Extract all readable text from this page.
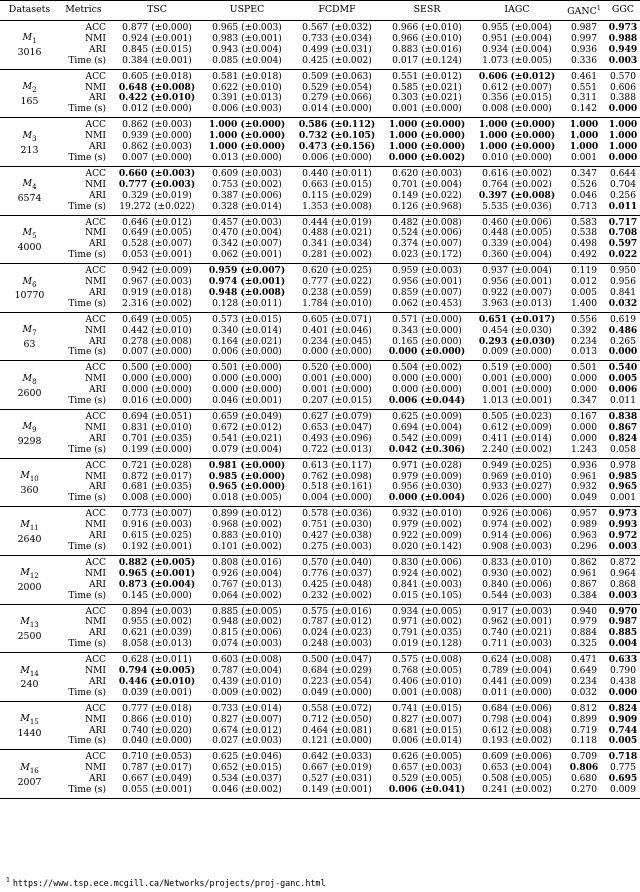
Datasets	Metrics	TSC	USPEC	FCDMF	SESR	IAGC	GANC$^1$	GGC
$M_1$
3016	ACC	0.877 (±0.000)	0.965 (±0.003)	0.567 (±0.032)	0.966 (±0.010)	0.955 (±0.004)	0.987	0.973
	NMI	0.924 (±0.001)	0.983 (±0.001)	0.733 (±0.034)	0.966 (±0.010)	0.951 (±0.004)	0.997	0.988
	ARI	0.845 (±0.015)	0.943 (±0.004)	0.499 (±0.031)	0.883 (±0.016)	0.934 (±0.004)	0.936	0.949
	Time (s)	0.384 (±0.001)	0.085 (±0.004)	0.425 (±0.002)	0.017 (±0.124)	1.073 (±0.005)	0.336	0.003
$M_2$
165	ACC	0.605 (±0.018)	0.581 (±0.018)	0.509 (±0.063)	0.551 (±0.012)	0.606 (±0.012)	0.461	0.570
	NMI	0.648 (±0.008)	0.622 (±0.010)	0.529 (±0.054)	0.585 (±0.021)	0.612 (±0.007)	0.551	0.606
	ARI	0.422 (±0.010)	0.391 (±0.013)	0.279 (±0.066)	0.303 (±0.021)	0.356 (±0.015)	0.311	0.388
	Time (s)	0.012 (±0.000)	0.006 (±0.003)	0.014 (±0.000)	0.001 (±0.000)	0.008 (±0.000)	0.142	0.000
$M_3$
213	ACC	0.862 (±0.003)	1.000 (±0.000)	0.586 (±0.112)	1.000 (±0.000)	1.000 (±0.000)	1.000	1.000
	NMI	0.939 (±0.000)	1.000 (±0.000)	0.732 (±0.105)	1.000 (±0.000)	1.000 (±0.000)	1.000	1.000
	ARI	0.862 (±0.003)	1.000 (±0.000)	0.473 (±0.156)	1.000 (±0.000)	1.000 (±0.000)	1.000	1.000
	Time (s)	0.007 (±0.000)	0.013 (±0.000)	0.006 (±0.000)	0.000 (±0.002)	0.010 (±0.000)	0.001	0.000
$M_4$
6574	ACC	0.660 (±0.003)	0.609 (±0.003)	0.440 (±0.011)	0.620 (±0.003)	0.616 (±0.002)	0.347	0.644
	NMI	0.777 (±0.003)	0.753 (±0.002)	0.663 (±0.015)	0.701 (±0.004)	0.764 (±0.002)	0.526	0.704
	ARI	0.329 (±0.019)	0.387 (±0.006)	0.115 (±0.029)	0.149 (±0.022)	0.397 (±0.008)	0.046	0.256
	Time (s)	19.272 (±0.022)	0.328 (±0.014)	1.353 (±0.008)	0.126 (±0.968)	5.535 (±0.036)	0.713	0.011
$M_5$
4000	ACC	0.646 (±0.012)	0.457 (±0.003)	0.444 (±0.019)	0.482 (±0.008)	0.460 (±0.006)	0.583	0.717
	NMI	0.649 (±0.005)	0.470 (±0.004)	0.488 (±0.021)	0.524 (±0.006)	0.448 (±0.005)	0.538	0.708
	ARI	0.528 (±0.007)	0.342 (±0.007)	0.341 (±0.034)	0.374 (±0.007)	0.339 (±0.004)	0.498	0.597
	Time (s)	0.053 (±0.001)	0.062 (±0.001)	0.281 (±0.002)	0.023 (±0.172)	0.360 (±0.004)	0.492	0.022
$M_6$
10770	ACC	0.942 (±0.009)	0.959 (±0.007)	0.620 (±0.025)	0.959 (±0.003)	0.937 (±0.004)	0.119	0.950
	NMI	0.967 (±0.003)	0.974 (±0.001)	0.777 (±0.022)	0.956 (±0.001)	0.956 (±0.001)	0.012	0.956
	ARI	0.919 (±0.018)	0.948 (±0.008)	0.238 (±0.059)	0.859 (±0.007)	0.922 (±0.007)	0.005	0.841
	Time (s)	2.316 (±0.002)	0.128 (±0.011)	1.784 (±0.010)	0.062 (±0.453)	3.963 (±0.013)	1.400	0.032
$M_7$
63	ACC	0.649 (±0.005)	0.573 (±0.015)	0.605 (±0.071)	0.571 (±0.000)	0.651 (±0.017)	0.556	0.619
	NMI	0.442 (±0.010)	0.340 (±0.014)	0.401 (±0.046)	0.343 (±0.000)	0.454 (±0.030)	0.392	0.486
	ARI	0.278 (±0.008)	0.164 (±0.021)	0.234 (±0.045)	0.165 (±0.000)	0.293 (±0.030)	0.234	0.265
	Time (s)	0.007 (±0.000)	0.006 (±0.000)	0.000 (±0.000)	0.000 (±0.000)	0.009 (±0.000)	0.013	0.000
$M_8$
2600	ACC	0.500 (±0.000)	0.501 (±0.000)	0.520 (±0.000)	0.504 (±0.002)	0.519 (±0.000)	0.501	0.540
	NMI	0.000 (±0.000)	0.000 (±0.000)	0.001 (±0.000)	0.000 (±0.000)	0.001 (±0.000)	0.000	0.005
	ARI	0.000 (±0.000)	0.000 (±0.000)	0.001 (±0.000)	0.000 (±0.000)	0.001 (±0.000)	0.000	0.006
	Time (s)	0.016 (±0.000)	0.046 (±0.001)	0.207 (±0.015)	0.006 (±0.044)	1.013 (±0.001)	0.347	0.011
$M_9$
9298	ACC	0.694 (±0.051)	0.659 (±0.049)	0.627 (±0.079)	0.625 (±0.009)	0.505 (±0.023)	0.167	0.838
	NMI	0.831 (±0.010)	0.672 (±0.012)	0.653 (±0.047)	0.694 (±0.004)	0.612 (±0.009)	0.000	0.867
	ARI	0.701 (±0.035)	0.541 (±0.021)	0.493 (±0.096)	0.542 (±0.009)	0.411 (±0.014)	0.000	0.824
	Time (s)	0.199 (±0.000)	0.079 (±0.004)	0.722 (±0.013)	0.042 (±0.306)	2.240 (±0.002)	1.243	0.058
$M_{10}$
360	ACC	0.721 (±0.028)	0.981 (±0.000)	0.613 (±0.117)	0.971 (±0.028)	0.949 (±0.025)	0.936	0.978
	NMI	0.872 (±0.017)	0.985 (±0.000)	0.762 (±0.098)	0.979 (±0.009)	0.969 (±0.010)	0.961	0.985
	ARI	0.681 (±0.035)	0.965 (±0.000)	0.518 (±0.161)	0.956 (±0.030)	0.933 (±0.027)	0.932	0.965
	Time (s)	0.008 (±0.000)	0.018 (±0.005)	0.004 (±0.000)	0.000 (±0.004)	0.026 (±0.000)	0.049	0.001
$M_{11}$
2640	ACC	0.773 (±0.007)	0.899 (±0.012)	0.578 (±0.036)	0.932 (±0.010)	0.926 (±0.006)	0.957	0.973
	NMI	0.916 (±0.003)	0.968 (±0.002)	0.751 (±0.030)	0.979 (±0.002)	0.974 (±0.002)	0.989	0.993
	ARI	0.615 (±0.025)	0.883 (±0.010)	0.427 (±0.038)	0.922 (±0.009)	0.914 (±0.006)	0.963	0.972
	Time (s)	0.192 (±0.001)	0.101 (±0.002)	0.275 (±0.003)	0.020 (±0.142)	0.908 (±0.003)	0.296	0.003
$M_{12}$
2000	ACC	0.882 (±0.005)	0.808 (±0.016)	0.570 (±0.040)	0.830 (±0.006)	0.833 (±0.010)	0.862	0.872
	NMI	0.965 (±0.001)	0.926 (±0.004)	0.776 (±0.037)	0.924 (±0.002)	0.930 (±0.002)	0.961	0.964
	ARI	0.873 (±0.004)	0.767 (±0.013)	0.425 (±0.048)	0.841 (±0.003)	0.840 (±0.006)	0.867	0.868
	Time (s)	0.145 (±0.000)	0.064 (±0.002)	0.232 (±0.002)	0.015 (±0.105)	0.544 (±0.003)	0.384	0.003
$M_{13}$
2500	ACC	0.894 (±0.003)	0.885 (±0.005)	0.575 (±0.016)	0.934 (±0.005)	0.917 (±0.003)	0.940	0.970
	NMI	0.955 (±0.002)	0.948 (±0.002)	0.787 (±0.012)	0.971 (±0.002)	0.962 (±0.001)	0.979	0.987
	ARI	0.621 (±0.039)	0.815 (±0.006)	0.024 (±0.023)	0.791 (±0.035)	0.740 (±0.021)	0.884	0.885
	Time (s)	8.058 (±0.013)	0.074 (±0.003)	0.248 (±0.003)	0.019 (±0.128)	0.711 (±0.003)	0.325	0.004
$M_{14}$
240	ACC	0.628 (±0.011)	0.603 (±0.008)	0.500 (±0.047)	0.575 (±0.008)	0.624 (±0.008)	0.471	0.633
	NMI	0.794 (±0.005)	0.787 (±0.004)	0.684 (±0.029)	0.768 (±0.005)	0.789 (±0.004)	0.649	0.790
	ARI	0.446 (±0.010)	0.439 (±0.010)	0.223 (±0.054)	0.406 (±0.010)	0.441 (±0.009)	0.234	0.438
	Time (s)	0.039 (±0.001)	0.009 (±0.002)	0.049 (±0.000)	0.001 (±0.008)	0.011 (±0.000)	0.032	0.000
$M_{15}$
1440	ACC	0.777 (±0.018)	0.733 (±0.014)	0.558 (±0.072)	0.741 (±0.015)	0.684 (±0.006)	0.812	0.824
	NMI	0.866 (±0.010)	0.827 (±0.007)	0.712 (±0.050)	0.827 (±0.007)	0.798 (±0.004)	0.899	0.909
	ARI	0.740 (±0.020)	0.674 (±0.012)	0.464 (±0.081)	0.681 (±0.015)	0.612 (±0.008)	0.719	0.744
	Time (s)	0.040 (±0.000)	0.027 (±0.003)	0.121 (±0.000)	0.006 (±0.014)	0.193 (±0.002)	0.118	0.005
$M_{16}$
2007	ACC	0.710 (±0.053)	0.625 (±0.046)	0.642 (±0.033)	0.626 (±0.005)	0.609 (±0.006)	0.709	0.718
	NMI	0.787 (±0.017)	0.652 (±0.015)	0.667 (±0.019)	0.657 (±0.003)	0.653 (±0.004)	0.806	0.775
	ARI	0.667 (±0.049)	0.534 (±0.037)	0.527 (±0.031)	0.529 (±0.005)	0.508 (±0.005)	0.680	0.695
	Time (s)	0.055 (±0.001)	0.046 (±0.002)	0.149 (±0.001)	0.006 (±0.041)	0.241 (±0.002)	0.270	0.009
$^1$ https://www.tsp.ece.mcgill.ca/Networks/projects/proj-ganc.html
